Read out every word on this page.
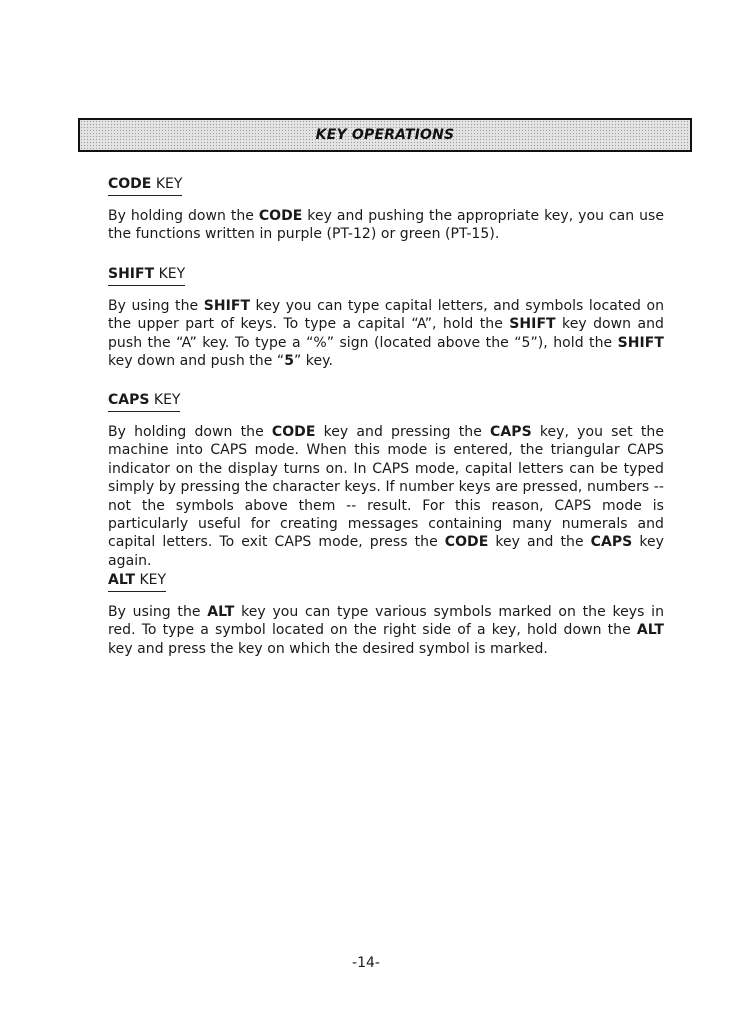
KEY OPERATIONS
CODE KEY
By holding down the CODE key and pushing the appropriate key, you can use the functions written in purple (PT-12) or green (PT-15).
SHIFT KEY
By using the SHIFT key you can type capital letters, and symbols located on the upper part of keys. To type a capital “A”, hold the SHIFT key down and push the “A” key. To type a “%” sign (located above the “5”), hold the SHIFT key down and push the “5” key.
CAPS KEY
By holding down the CODE key and pressing the CAPS key, you set the machine into CAPS mode. When this mode is entered, the triangular CAPS indicator on the display turns on. In CAPS mode, capital letters can be typed simply by pressing the character keys. If number keys are pressed, numbers -- not the symbols above them -- result. For this reason, CAPS mode is particularly useful for creating messages containing many numerals and capital letters. To exit CAPS mode, press the CODE key and the CAPS key again.
ALT KEY
By using the ALT key you can type various symbols marked on the keys in red. To type a symbol located on the right side of a key, hold down the ALT key and press the key on which the desired symbol is marked.
-14-
